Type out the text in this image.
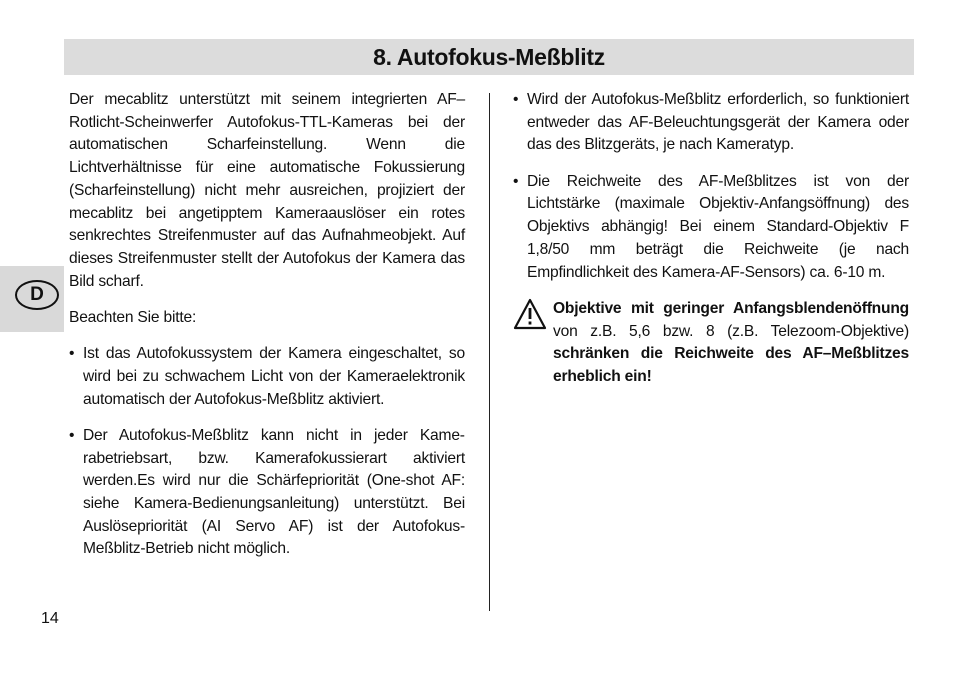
8. Autofokus-Meßblitz
D

Der mecablitz unterstützt mit seinem integrierten AF–Rotlicht-Scheinwerfer Autofokus-TTL-Kameras bei der automatischen Scharfeinstellung. Wenn die Lichtverhältnisse für eine automatische Fokussierung (Scharfeinstellung) nicht mehr ausreichen, projiziert der mecablitz bei angetipptem Kameraauslöser ein rotes senkrechtes Streifenmuster auf das Aufnahmeobjekt. Auf dieses Streifenmuster stellt der Autofokus der Kamera das Bild scharf.

Beachten Sie bitte:

• Ist das Autofokussystem der Kamera eingeschaltet, so wird bei zu schwachem Licht von der Kameraelektronik automatisch der Autofokus-Meßblitz aktiviert.

• Der Autofokus-Meßblitz kann nicht in jeder Kamerabetriebsart, bzw. Kamerafokussierart aktiviert werden.Es wird nur die Schärfepriorität (One-shot AF: siehe Kamera-Bedienungsanleitung) unterstützt. Bei Auslösepriorität (AI Servo AF) ist der Autofokus-Meßblitz-Betrieb nicht möglich.

• Wird der Autofokus-Meßblitz erforderlich, so funktioniert entweder das AF-Beleuchtungsgerät der Kamera oder das des Blitzgeräts, je nach Kameratyp.

• Die Reichweite des AF-Meßblitzes ist von der Lichtstärke (maximale Objektiv-Anfangsöffnung) des Objektivs abhängig! Bei einem Standard-Objektiv F 1,8/50 mm beträgt die Reichweite (je nach Empfindlichkeit des Kamera-AF-Sensors) ca. 6-10 m.

Objektive mit geringer Anfangsblendenöffnung von z.B. 5,6 bzw. 8 (z.B. Telezoom-Objektive) schränken die Reichweite des AF–Meßblitzes erheblich ein!
14
